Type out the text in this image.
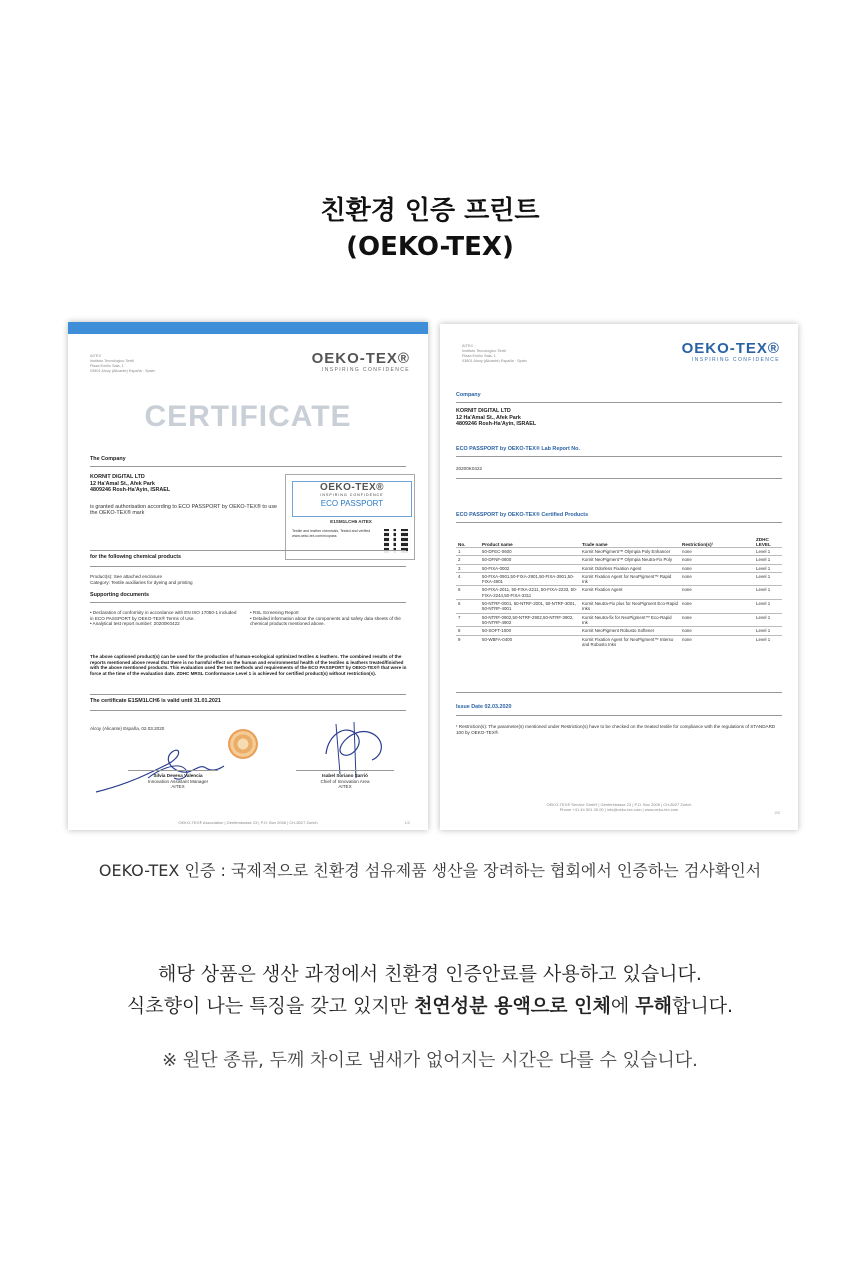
친환경 인증 프린트
(OEKO-TEX)
AITEX
Instituto Tecnológico Textil
Plaza Emilio Sala, 1
03801 Alcoy (Alicante) España · Spain
OEKO-TEX®
INSPIRING CONFIDENCE
CERTIFICATE
The Company
KORNIT DIGITAL LTD
12 Ha'Amal St., Afek Park
4809246 Rosh-Ha'Ayin, ISRAEL
is granted authorisation according to ECO PASSPORT by OEKO-TEX® to use the OEKO-TEX® mark
OEKO-TEX®
INSPIRING CONFIDENCE
ECO PASSPORT
E1SM1LCH6 AITEX
Textile and leather chemicals, Tested and verified
www.oeko-tex.com/ecopass
for the following chemical products
Product(s): See attached enclosure
Category: Textile auxiliaries for dyeing and printing
Supporting documents
• Declaration of conformity in accordance with EN ISO 17050-1 included in ECO PASSPORT by OEKO-TEX® Terms of Use.
• Analytical test report number: 20200K0422
• RSL Screening Report
• Detailed information about the components and safety data sheets of the chemical products mentioned above.
The above captioned product(s) can be used for the production of human-ecological optimized textiles & leathers. The combined results of the reports mentioned above reveal that there is no harmful effect on the human and environmental health of the textiles & leathers treated/finished with the above mentioned products. This evaluation used the test methods and requirements of the ECO PASSPORT by OEKO-TEX® that were in force at the time of the evaluation date. ZDHC MRSL Conformance Level 1 is achieved for certified product(s) without restriction(s).
The certificate E1SM1LCH6 is valid until 31.01.2021
Alcoy (Alicante) España, 02.03.2020
Silvia Devesa Valencia
Innovation Assistant Manager
AITEX
Isabel Soriano Sarrió
Chief of Innovation Area
AITEX
OEKO-TEX® Association | Genferstrasse 23 | P.O. Box 2006 | CH-8027 Zurich	1/2
AITEX
Instituto Tecnológico Textil
Plaza Emilio Sala, 1
03801 Alcoy (Alicante) España · Spain
OEKO-TEX®
INSPIRING CONFIDENCE
Company
KORNIT DIGITAL LTD
12 Ha'Amal St., Afek Park
4809246 Rosh-Ha'Ayin, ISRAEL
ECO PASSPORT by OEKO-TEX® Lab Report No.
20200K0422
ECO PASSPORT by OEKO-TEX® Certified Products
No.	Product name	Trade name	Restriction(s)¹	ZDHC LEVEL
1	50-DFEC-0600	Kornit NeoPigment™ Olympia Poly Enhancer	none	Level 1
2	50-DFNF-0600	Kornit NeoPigment™ Olympia Neutra-Fix Poly	none	Level 1
3	50-FIXA-0002	Kornit Odorless Fixation Agent	none	Level 1
4	50-FIXA-0901,50-FIXA-2901,50-FIXA-3901,50-FIXA-4901	Kornit Fixation Agent for NeoPigment™ Rapid Ink	none	Level 1
5	50-FIXA-2011, 50-FIXA-2211, 50-FIXA-2233, 50-FIXA-2244,50-FIXA-3311	Kornit Fixation Agent	none	Level 1
6	50-NTRF-0001, 50-NTRF-2001, 50-NTRF-3001, 50-NTRF-4001	Kornit Neutra-Fix plus for NeoPigment Eco-Rapid Inks	none	Level 1
7	50-NTRF-0902,50-NTRF-2902,50-NTRF-3902, 50-NTRF-4902	Kornit Neutra-fix for NeoPigment™ Eco-Rapid Ink	none	Level 1
8	50-SOFT-1000	Kornit NeoPigment Robusto Softener	none	Level 1
9	50-WBFA-0400	Kornit Fixation Agent for NeoPigment™ Interso and Robusto Inks	none	Level 1
Issue Date 02.03.2020
¹ Restriction(s): The parameter(s) mentioned under Restriction(s) have to be checked on the treated textile for compliance with the regulations of STANDARD 100 by OEKO-TEX®.
OEKO-TEX® Service GmbH | Genferstrasse 23 | P.O. Box 2006 | CH-8027 Zurich
Phone +41 44 501 26 00 | info@oeko-tex.com | www.oeko-tex.com
2/2
OEKO-TEX 인증 : 국제적으로 친환경 섬유제품 생산을 장려하는 협회에서 인증하는 검사확인서
해당 상품은 생산 과정에서 친환경 인증안료를 사용하고 있습니다.
식초향이 나는 특징을 갖고 있지만 천연성분 용액으로 인체에 무해합니다.
※ 원단 종류, 두께 차이로 냄새가 없어지는 시간은 다를 수 있습니다.
